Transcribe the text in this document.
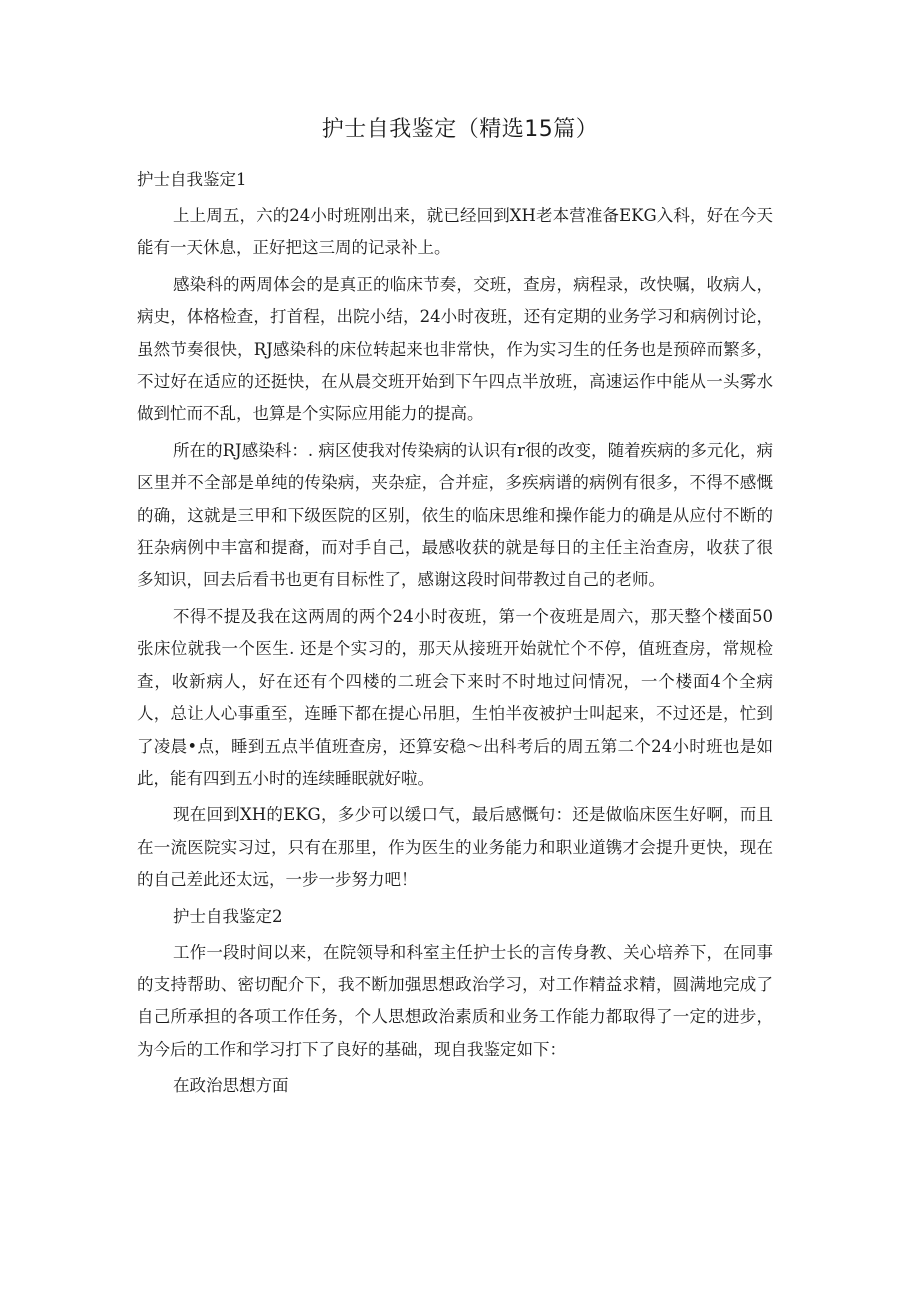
护士自我鉴定（精选15篇）

护士自我鉴定1

上上周五，六的24小时班刚出来，就已经回到XH老本营准备EKG入科，好在今天能有一天休息，正好把这三周的记录补上。

感染科的两周体会的是真正的临床节奏，交班，查房，病程录，改快嘱，收病人，病史，体格检查，打首程，出院小结，24小时夜班，还有定期的业务学习和病例讨论，虽然节奏很快，RJ感染科的床位转起来也非常快，作为实习生的任务也是预碎而繁多，不过好在适应的还挺快，在从晨交班开始到下午四点半放班，高速运作中能从一头雾水做到忙而不乱，也算是个实际应用能力的提高。

所在的RJ感染科：. 病区使我对传染病的认识有r很的改变，随着疾病的多元化，病区里并不全部是单纯的传染病，夹杂症，合并症，多疾病谱的病例有很多，不得不感慨的确，这就是三甲和下级医院的区别，依生的临床思维和操作能力的确是从应付不断的狂杂病例中丰富和提裔，而对手自己，最感收获的就是每日的主任主治查房，收获了很多知识，回去后看书也更有目标性了，感谢这段时间带教过自己的老师。

不得不提及我在这两周的两个24小时夜班，第一个夜班是周六，那天整个楼面50张床位就我一个医生. 还是个实习的，那天从接班开始就忙个不停，值班查房，常规检查，收新病人，好在还有个四楼的二班会下来时不时地过问情况，一个楼面4个全病人，总让人心事重至，连睡下都在提心吊胆，生怕半夜被护士叫起来，不过还是，忙到了凌晨•点，睡到五点半值班查房，还算安稳～出科考后的周五第二个24小时班也是如此，能有四到五小时的连续睡眠就好啦。

现在回到XH的EKG，多少可以缓口气，最后感慨句：还是做临床医生好啊，而且在一流医院实习过，只有在那里，作为医生的业务能力和职业道镌才会提升更快，现在的自己差此还太远，一步一步努力吧！

护士自我鉴定2

工作一段时间以来，在院领导和科室主任护士长的言传身教、关心培养下，在同事的支持帮助、密切配介下，我不断加强思想政治学习，对工作精益求精，圆满地完成了自己所承担的各项工作任务，个人思想政治素质和业务工作能力都取得了一定的进步，为今后的工作和学习打下了良好的基础，现自我鉴定如下：

在政治思想方面
